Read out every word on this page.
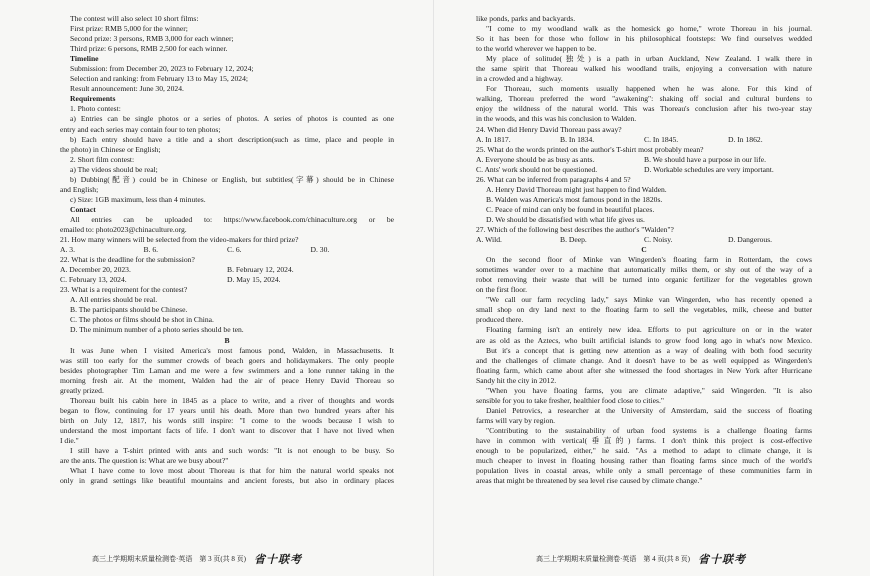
The contest will also select 10 short films:
First prize: RMB 5,000 for the winner;
Second prize: 3 persons, RMB 3,000 for each winner;
Third prize: 6 persons, RMB 2,500 for each winner.
Timeline
Submission: from December 20, 2023 to February 12, 2024;
Selection and ranking: from February 13 to May 15, 2024;
Result announcement: June 30, 2024.
Requirements
1. Photo contest:
a) Entries can be single photos or a series of photos. A series of photos is counted as one
entry and each series may contain four to ten photos;
b) Each entry should have a title and a short description(such as time, place and people in
the photo) in Chinese or English;
2. Short film contest:
a) The videos should be real;
b) Dubbing(配音) could be in Chinese or English, but subtitles(字幕) should be in Chinese
and English;
c) Size: 1GB maximum, less than 4 minutes.
Contact
All entries can be uploaded to: https://www.facebook.com/chinaculture.org or be
emailed to: photo2023@chinaculture.org.
21. How many winners will be selected from the video-makers for third prize?
A. 3.	B. 6.	C. 6.	D. 30.
22. What is the deadline for the submission?
A. December 20, 2023.	B. February 12, 2024.
C. February 13, 2024.	D. May 15, 2024.
23. What is a requirement for the contest?
A. All entries should be real.
B. The participants should be Chinese.
C. The photos or films should be shot in China.
D. The minimum number of a photo series should be ten.
B
It was June when I visited America's most famous pond, Walden, in Massachusetts. It
was still too early for the summer crowds of beach goers and holidaymakers. The only people
besides photographer Tim Laman and me were a few swimmers and a lone runner taking in the
morning fresh air. At the moment, Walden had the air of peace Henry David Thoreau so
greatly prized.
Thoreau built his cabin here in 1845 as a place to write, and a river of thoughts and words
began to flow, continuing for 17 years until his death. More than two hundred years after his
birth on July 12, 1817, his words still inspire: "I come to the woods because I wish to
understand the most important facts of life. I don't want to discover that I have not lived when
I die."
I still have a T-shirt printed with ants and such words: "It is not enough to be busy. So
are the ants. The question is: What are we busy about?"
What I have come to love most about Thoreau is that for him the natural world speaks not
only in grand settings like beautiful mountains and ancient forests, but also in ordinary places
like ponds, parks and backyards.
"I come to my woodland walk as the homesick go home," wrote Thoreau in his journal.
So it has been for those who follow in his philosophical footsteps: We find ourselves wedded
to the world wherever we happen to be.
My place of solitude(独处) is a path in urban Auckland, New Zealand. I walk there in
the same spirit that Thoreau walked his woodland trails, enjoying a conversation with nature
in a crowded and a highway.
For Thoreau, such moments usually happened when he was alone. For this kind of
walking, Thoreau preferred the word "awakening": shaking off social and cultural burdens to
enjoy the wildness of the natural world. This was Thoreau's conclusion after his two-year stay
in the woods, and this was his conclusion to Walden.
24. When did Henry David Thoreau pass away?
A. In 1817.	B. In 1834.	C. In 1845.	D. In 1862.
25. What do the words printed on the author's T-shirt most probably mean?
A. Everyone should be as busy as ants.	B. We should have a purpose in our life.
C. Ants' work should not be questioned.	D. Workable schedules are very important.
26. What can be inferred from paragraphs 4 and 5?
A. Henry David Thoreau might just happen to find Walden.
B. Walden was America's most famous pond in the 1820s.
C. Peace of mind can only be found in beautiful places.
D. We should be dissatisfied with what life gives us.
27. Which of the following best describes the author's "Walden"?
A. Wild.	B. Deep.	C. Noisy.	D. Dangerous.
C
On the second floor of Minke van Wingerden's floating farm in Rotterdam, the cows
sometimes wander over to a machine that automatically milks them, or shy out of the way of a
robot removing their waste that will be turned into organic fertilizer for the vegetables grown
on the first floor.
"We call our farm recycling lady," says Minke van Wingerden, who has recently opened a
small shop on dry land next to the floating farm to sell the vegetables, milk, cheese and butter
produced there.
Floating farming isn't an entirely new idea. Efforts to put agriculture on or in the water
are as old as the Aztecs, who built artificial islands to grow food long ago in what's now Mexico.
But it's a concept that is getting new attention as a way of dealing with both food security
and the challenges of climate change. And it doesn't have to be as well equipped as Wingerden's
floating farm, which came about after she witnessed the food shortages in New York after Hurricane
Sandy hit the city in 2012.
"When you have floating farms, you are climate adaptive," said Wingerden. "It is also
sensible for you to take fresher, healthier food close to cities."
Daniel Petrovics, a researcher at the University of Amsterdam, said the success of floating
farms will vary by region.
"Contributing to the sustainability of urban food systems is a challenge floating farms
have in common with vertical(垂直的) farms. I don't think this project is cost-effective
enough to be popularized, either," he said. "As a method to adapt to climate change, it is
much cheaper to invest in floating housing rather than floating farms since much of the world's
population lives in coastal areas, while only a small percentage of these communities farm in
areas that might be threatened by sea level rise caused by climate change."
高三上学期期末质量检测卷·英语　第 3 页(共 8 页) 省十联考	高三上学期期末质量检测卷·英语　第 4 页(共 8 页) 省十联考
